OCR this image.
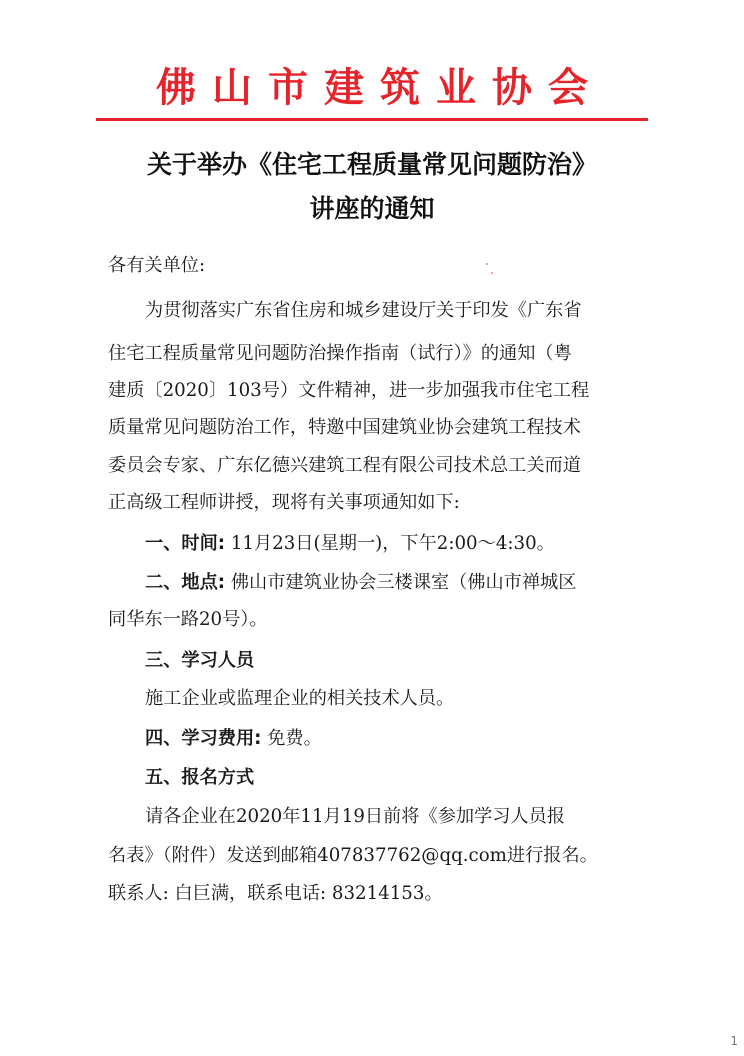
佛山市建筑业协会
关于举办《住宅工程质量常见问题防治》
讲座的通知
各有关单位:
为贯彻落实广东省住房和城乡建设厅关于印发《广东省
住宅工程质量常见问题防治操作指南（试行）》的通知（粤
建质〔2020〕103号）文件精神，进一步加强我市住宅工程
质量常见问题防治工作，特邀中国建筑业协会建筑工程技术
委员会专家、广东亿德兴建筑工程有限公司技术总工关而道
正高级工程师讲授，现将有关事项通知如下:
一、时间: 11月23日(星期一)，下午2:00～4:30。
二、地点: 佛山市建筑业协会三楼课室（佛山市禅城区
同华东一路20号）。
三、学习人员
施工企业或监理企业的相关技术人员。
四、学习费用: 免费。
五、报名方式
请各企业在2020年11月19日前将《参加学习人员报
名表》（附件）发送到邮箱407837762@qq.com进行报名。
联系人: 白巨满，联系电话: 83214153。
1
